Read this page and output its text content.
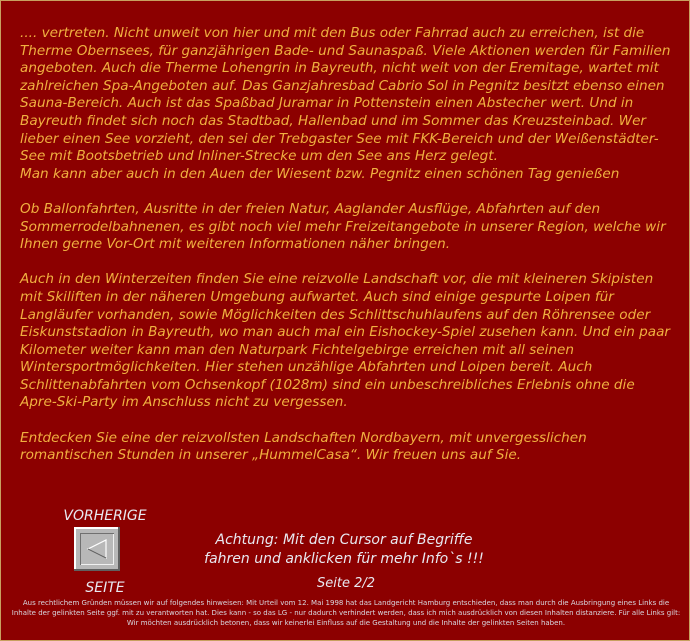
.... vertreten. Nicht unweit von hier und mit den Bus oder Fahrrad auch zu erreichen, ist die Therme Obernsees, für ganzjährigen Bade- und Saunaspaß. Viele Aktionen werden für Familien angeboten. Auch die Therme Lohengrin in Bayreuth, nicht weit von der Eremitage, wartet mit zahlreichen Spa-Angeboten auf. Das Ganzjahresbad Cabrio Sol in Pegnitz besitzt ebenso einen Sauna-Bereich. Auch ist das Spaßbad Juramar in Pottenstein einen Abstecher wert. Und in Bayreuth findet sich noch das Stadtbad, Hallenbad und im Sommer das Kreuzsteinbad. Wer lieber einen See vorzieht, den sei der Trebgaster See mit FKK-Bereich und der Weißenstädter-See mit Bootsbetrieb und Inliner-Strecke um den See ans Herz gelegt.
Man kann aber auch in den Auen der Wiesent bzw. Pegnitz einen schönen Tag genießen

Ob Ballonfahrten, Ausritte in der freien Natur, Aaglander Ausflüge, Abfahrten auf den Sommerrodelbahnenen, es gibt noch viel mehr Freizeitangebote in unserer Region, welche wir Ihnen gerne Vor-Ort mit weiteren Informationen näher bringen.

Auch in den Winterzeiten finden Sie eine reizvolle Landschaft vor, die mit kleineren Skipisten mit Skiliften in der näheren Umgebung aufwartet. Auch sind einige gespurte Loipen für Langläufer vorhanden, sowie Möglichkeiten des Schlittschuhlaufens auf den Röhrensee oder Eiskunststadion in Bayreuth, wo man auch mal ein Eishockey-Spiel zusehen kann. Und ein paar Kilometer weiter kann man den Naturpark Fichtelgebirge erreichen mit all seinen Wintersportmöglichkeiten. Hier stehen unzählige Abfahrten und Loipen bereit. Auch Schlittenabfahrten vom Ochsenkopf (1028m) sind ein unbeschreibliches Erlebnis ohne die Apre-Ski-Party im Anschluss nicht zu vergessen.

Entdecken Sie eine der reizvollsten Landschaften Nordbayern, mit unvergesslichen romantischen Stunden in unserer „HummelCasa“. Wir freuen uns auf Sie.

VORHERIGE
SEITE
Achtung: Mit den Cursor auf Begriffe
fahren und anklicken für mehr Info`s !!!
Seite 2/2
Aus rechtlichem Gründen müssen wir auf folgendes hinweisen: Mit Urteil vom 12. Mai 1998 hat das Landgericht Hamburg entschieden, dass man durch die Ausbringung eines Links die Inhalte der gelinkten Seite ggf. mit zu verantworten hat. Dies kann - so das LG - nur dadurch verhindert werden, dass ich mich ausdrücklich von diesen Inhalten distanziere. Für alle Links gilt: Wir möchten ausdrücklich betonen, dass wir keinerlei Einfluss auf die Gestaltung und die Inhalte der gelinkten Seiten haben.
